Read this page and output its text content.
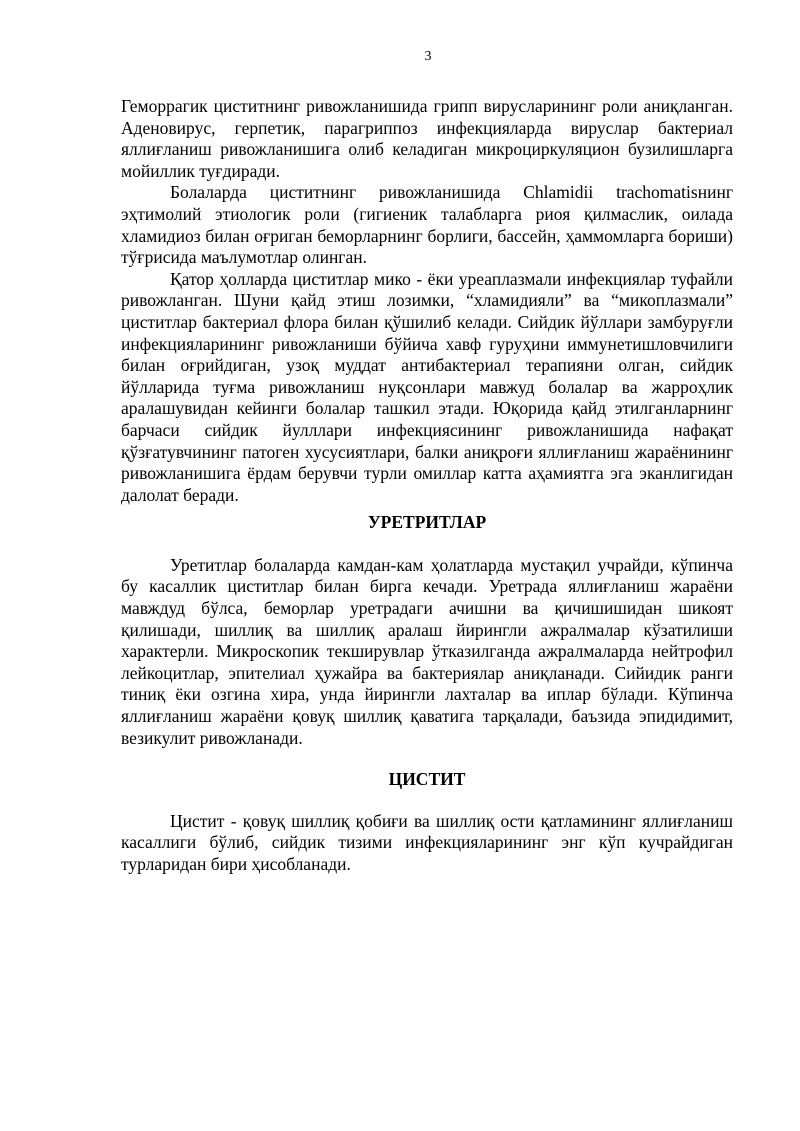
3

Геморрагик циститнинг ривожланишида грипп вирусларининг роли аниқланган. Аденовирус, герпетик, парагриппоз инфекцияларда вируслар бактериал яллиғланиш ривожланишига олиб келадиган микроциркуляцион бузилишларга мойиллик туғдиради.

Болаларда циститнинг ривожланишида Chlamidii trachomatisнинг эҳтимолий этиологик роли (гигиеник талабларга риоя қилмаслик, оилада хламидиоз билан оғриган беморларнинг борлиги, бассейн, ҳаммомларга бориши) тўғрисида маълумотлар олинган.

Қатор ҳолларда циститлар мико - ёки уреаплазмали инфекциялар туфайли ривожланган. Шуни қайд этиш лозимки, “хламидияли” ва “микоплазмали” циститлар бактериал флора билан қўшилиб келади. Сийдик йўллари замбуруғли инфекцияларининг ривожланиши бўйича хавф гуруҳини иммунетишловчилиги билан оғрийдиган, узоқ муддат антибактериал терапияни олган, сийдик йўлларида туғма ривожланиш нуқсонлари мавжуд болалар ва жарроҳлик аралашувидан кейинги болалар ташкил этади. Юқорида қайд этилганларнинг барчаси сийдик йулллари инфекциясининг ривожланишида нафақат қўзғатувчининг патоген хусусиятлари, балки аниқроғи яллиғланиш жараёнининг ривожланишига ёрдам берувчи турли омиллар катта аҳамиятга эга эканлигидан далолат беради.

УРЕТРИТЛАР

Уретитлар болаларда камдан-кам ҳолатларда мустақил учрайди, кўпинча бу касаллик циститлар билан бирга кечади. Уретрада яллиғланиш жараёни мавждуд бўлса, беморлар уретрадаги ачишни ва қичишишидан шикоят қилишади, шиллиқ ва шиллиқ аралаш йирингли ажралмалар кўзатилиши характерли. Микроскопик текширувлар ўтказилганда ажралмаларда нейтрофил лейкоцитлар, эпителиал ҳужайра ва бактериялар аниқланади. Сийидик ранги тиниқ ёки озгина хира, унда йирингли лахталар ва иплар бўлади. Кўпинча яллиғланиш жараёни қовуқ шиллиқ қаватига тарқалади, баъзида эпидидимит, везикулит ривожланади.

ЦИСТИТ

Цистит - қовуқ шиллиқ қобиғи ва шиллиқ ости қатламининг яллиғланиш касаллиги бўлиб, сийдик тизими инфекцияларининг энг кўп кучрайдиган турларидан бири ҳисобланади.
